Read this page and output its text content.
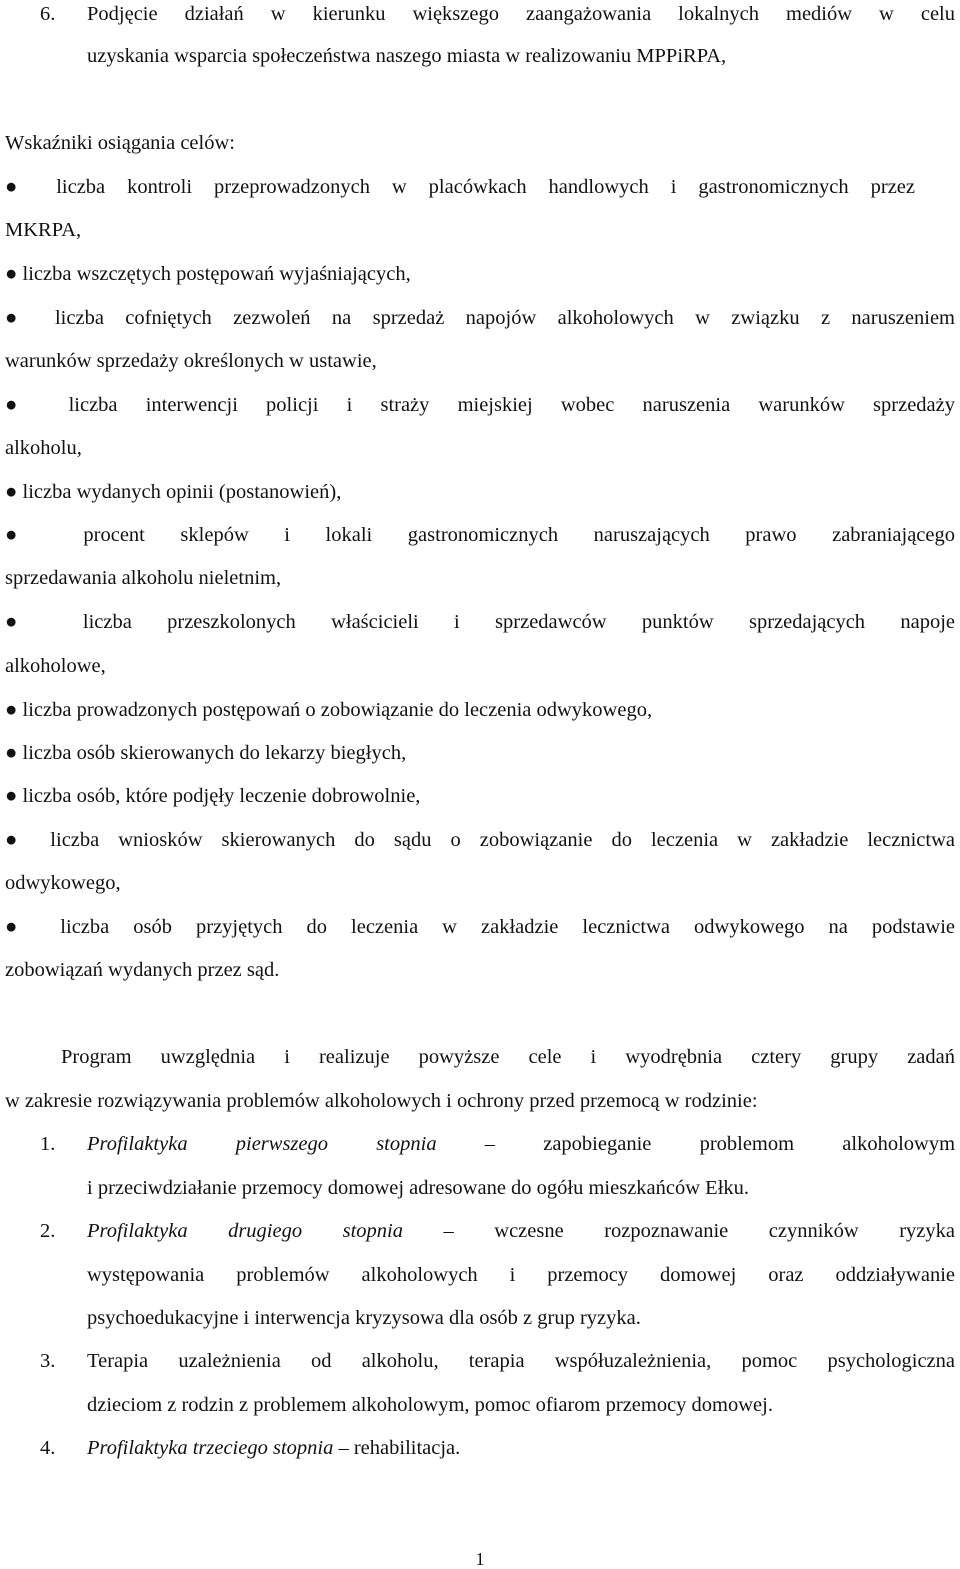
6. Podjęcie działań w kierunku większego zaangażowania lokalnych mediów w celu
uzyskania wsparcia społeczeństwa naszego miasta w realizowaniu MPPiRPA,
Wskaźniki osiągania celów:
● liczba kontroli przeprowadzonych w placówkach handlowych i gastronomicznych przez
MKRPA,
● liczba wszczętych postępowań wyjaśniających,
● liczba cofniętych zezwoleń na sprzedaż napojów alkoholowych w związku z naruszeniem
warunków sprzedaży określonych w ustawie,
● liczba interwencji policji i straży miejskiej wobec naruszenia warunków sprzedaży
alkoholu,
● liczba wydanych opinii (postanowień),
● procent sklepów i lokali gastronomicznych naruszających prawo zabraniającego
sprzedawania alkoholu nieletnim,
● liczba przeszkolonych właścicieli i sprzedawców punktów sprzedających napoje
alkoholowe,
● liczba prowadzonych postępowań o zobowiązanie do leczenia odwykowego,
● liczba osób skierowanych do lekarzy biegłych,
● liczba osób, które podjęły leczenie dobrowolnie,
● liczba wniosków skierowanych do sądu o zobowiązanie do leczenia w zakładzie lecznictwa
odwykowego,
● liczba osób przyjętych do leczenia w zakładzie lecznictwa odwykowego na podstawie
zobowiązań wydanych przez sąd.
Program uwzględnia i realizuje powyższe cele i wyodrębnia cztery grupy zadań
w zakresie rozwiązywania problemów alkoholowych i ochrony przed przemocą w rodzinie:
1. Profilaktyka pierwszego stopnia – zapobieganie problemom alkoholowym
i przeciwdziałanie przemocy domowej adresowane do ogółu mieszkańców Ełku.
2. Profilaktyka drugiego stopnia – wczesne rozpoznawanie czynników ryzyka
występowania problemów alkoholowych i przemocy domowej oraz oddziaływanie
psychoedukacyjne i interwencja kryzysowa dla osób z grup ryzyka.
3. Terapia uzależnienia od alkoholu, terapia współuzależnienia, pomoc psychologiczna
dzieciom z rodzin z problemem alkoholowym, pomoc ofiarom przemocy domowej.
4. Profilaktyka trzeciego stopnia – rehabilitacja.
1
